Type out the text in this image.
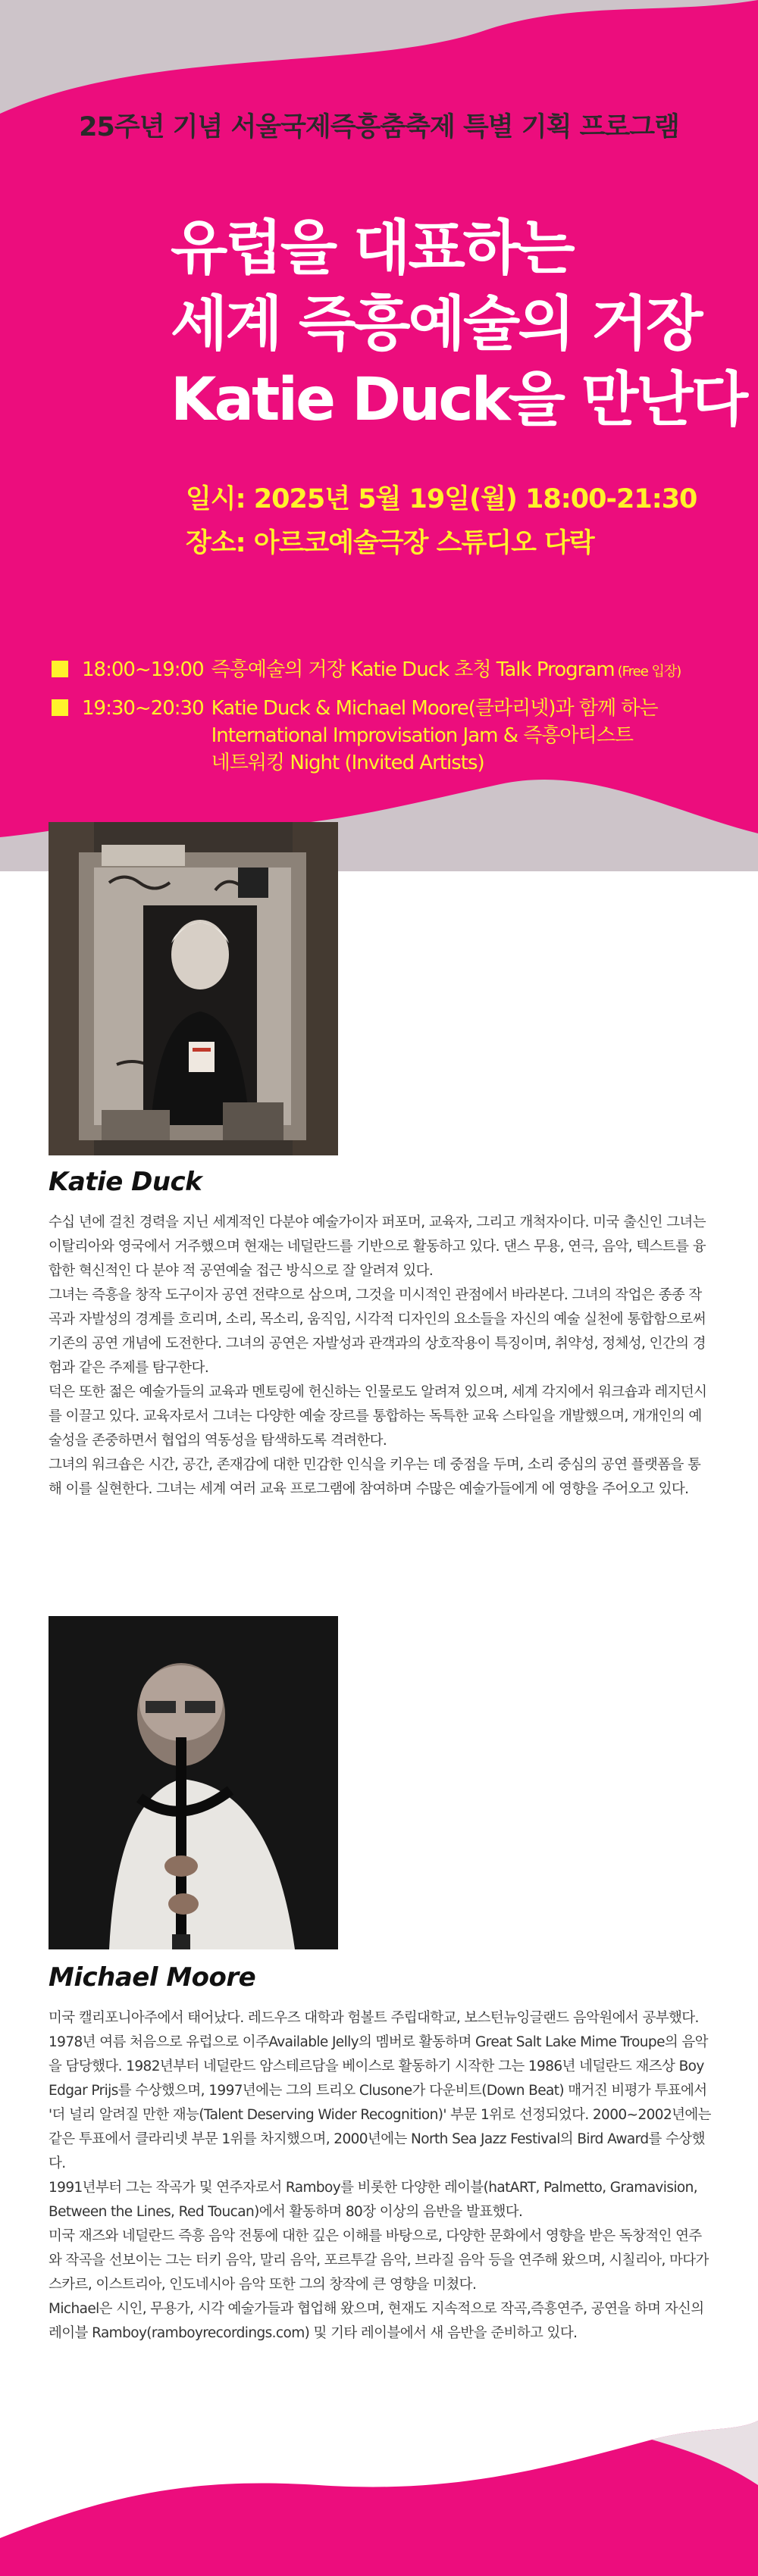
25주년 기념 서울국제즉흥춤축제 특별 기획 프로그램
유럽을 대표하는
세계 즉흥예술의 거장
Katie Duck을 만난다
일시: 2025년 5월 19일(월) 18:00-21:30
장소: 아르코예술극장 스튜디오 다락
18:00~19:00 즉흥예술의 거장 Katie Duck 초청 Talk Program (Free 입장)
19:30~20:30 Katie Duck & Michael Moore(클라리넷)과 함께 하는
International Improvisation Jam & 즉흥아티스트
네트워킹 Night (Invited Artists)
Katie Duck

수십 년에 걸친 경력을 지닌 세계적인 다분야 예술가이자 퍼포머, 교육자, 그리고 개척자이다. 미국 출신인 그녀는 이탈리아와 영국에서 거주했으며 현재는 네덜란드를 기반으로 활동하고 있다. 댄스 무용, 연극, 음악, 텍스트를 융합한 혁신적인 다 분야 적 공연예술 접근 방식으로 잘 알려져 있다.

그녀는 즉흥을 창작 도구이자 공연 전략으로 삼으며, 그것을 미시적인 관점에서 바라본다. 그녀의 작업은 종종 작곡과 자발성의 경계를 흐리며, 소리, 목소리, 움직임, 시각적 디자인의 요소들을 자신의 예술 실천에 통합함으로써 기존의 공연 개념에 도전한다. 그녀의 공연은 자발성과 관객과의 상호작용이 특징이며, 취약성, 정체성, 인간의 경험과 같은 주제를 탐구한다.

덕은 또한 젊은 예술가들의 교육과 멘토링에 헌신하는 인물로도 알려져 있으며, 세계 각지에서 워크숍과 레지던시를 이끌고 있다. 교육자로서 그녀는 다양한 예술 장르를 통합하는 독특한 교육 스타일을 개발했으며, 개개인의 예술성을 존중하면서 협업의 역동성을 탐색하도록 격려한다.

그녀의 워크숍은 시간, 공간, 존재감에 대한 민감한 인식을 키우는 데 중점을 두며, 소리 중심의 공연 플랫폼을 통해 이를 실현한다. 그녀는 세계 여러 교육 프로그램에 참여하며 수많은 예술가들에게 에 영향을 주어오고 있다.

Michael Moore

미국 캘리포니아주에서 태어났다. 레드우즈 대학과 험볼트 주립대학교, 보스턴뉴잉글랜드 음악원에서 공부했다. 1978년 여름 처음으로 유럽으로 이주Available Jelly의 멤버로 활동하며 Great Salt Lake Mime Troupe의 음악을 담당했다. 1982년부터 네덜란드 암스테르담을 베이스로 활동하기 시작한 그는 1986년 네덜란드 재즈상 Boy Edgar Prijs를 수상했으며, 1997년에는 그의 트리오 Clusone가 다운비트(Down Beat) 매거진 비평가 투표에서 '더 널리 알려질 만한 재능(Talent Deserving Wider Recognition)' 부문 1위로 선정되었다. 2000~2002년에는 같은 투표에서 클라리넷 부문 1위를 차지했으며, 2000년에는 North Sea Jazz Festival의 Bird Award를 수상했다.

1991년부터 그는 작곡가 및 연주자로서 Ramboy를 비롯한 다양한 레이블(hatART, Palmetto, Gramavision, Between the Lines, Red Toucan)에서 활동하며 80장 이상의 음반을 발표했다.

미국 재즈와 네덜란드 즉흥 음악 전통에 대한 깊은 이해를 바탕으로, 다양한 문화에서 영향을 받은 독창적인 연주와 작곡을 선보이는 그는 터키 음악, 말리 음악, 포르투갈 음악, 브라질 음악 등을 연주해 왔으며, 시칠리아, 마다가스카르, 이스트리아, 인도네시아 음악 또한 그의 창작에 큰 영향을 미쳤다.

Michael은 시인, 무용가, 시각 예술가들과 협업해 왔으며, 현재도 지속적으로 작곡,즉흥연주, 공연을 하며 자신의 레이블 Ramboy(ramboyrecordings.com) 및 기타 레이블에서 새 음반을 준비하고 있다.
